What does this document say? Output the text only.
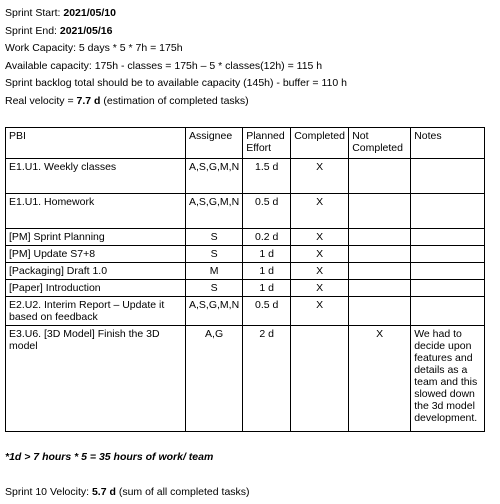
Sprint Start: 2021/05/10
Sprint End: 2021/05/16
Work Capacity: 5 days * 5 * 7h = 175h
Available capacity: 175h - classes = 175h – 5 * classes(12h) = 115 h
Sprint backlog total should be to available capacity (145h) - buffer = 110 h
Real velocity = 7.7 d (estimation of completed tasks)
PBI	Assignee	Planned Effort	Completed	Not Completed	Notes
E1.U1. Weekly classes	A,S,G,M,N	1.5 d	X		
E1.U1. Homework	A,S,G,M,N	0.5 d	X		
[PM] Sprint Planning	S	0.2 d	X		
[PM] Update S7+8	S	1 d	X		
[Packaging] Draft 1.0	M	1 d	X		
[Paper] Introduction	S	1 d	X		
E2.U2. Interim Report – Update it based on feedback	A,S,G,M,N	0.5 d	X		
E3.U6. [3D Model] Finish the 3D model	A,G	2 d		X	We had to decide upon features and details as a team and this slowed down the 3d model development.
*1d > 7 hours * 5 = 35 hours of work/ team
Sprint 10 Velocity: 5.7 d (sum of all completed tasks)
